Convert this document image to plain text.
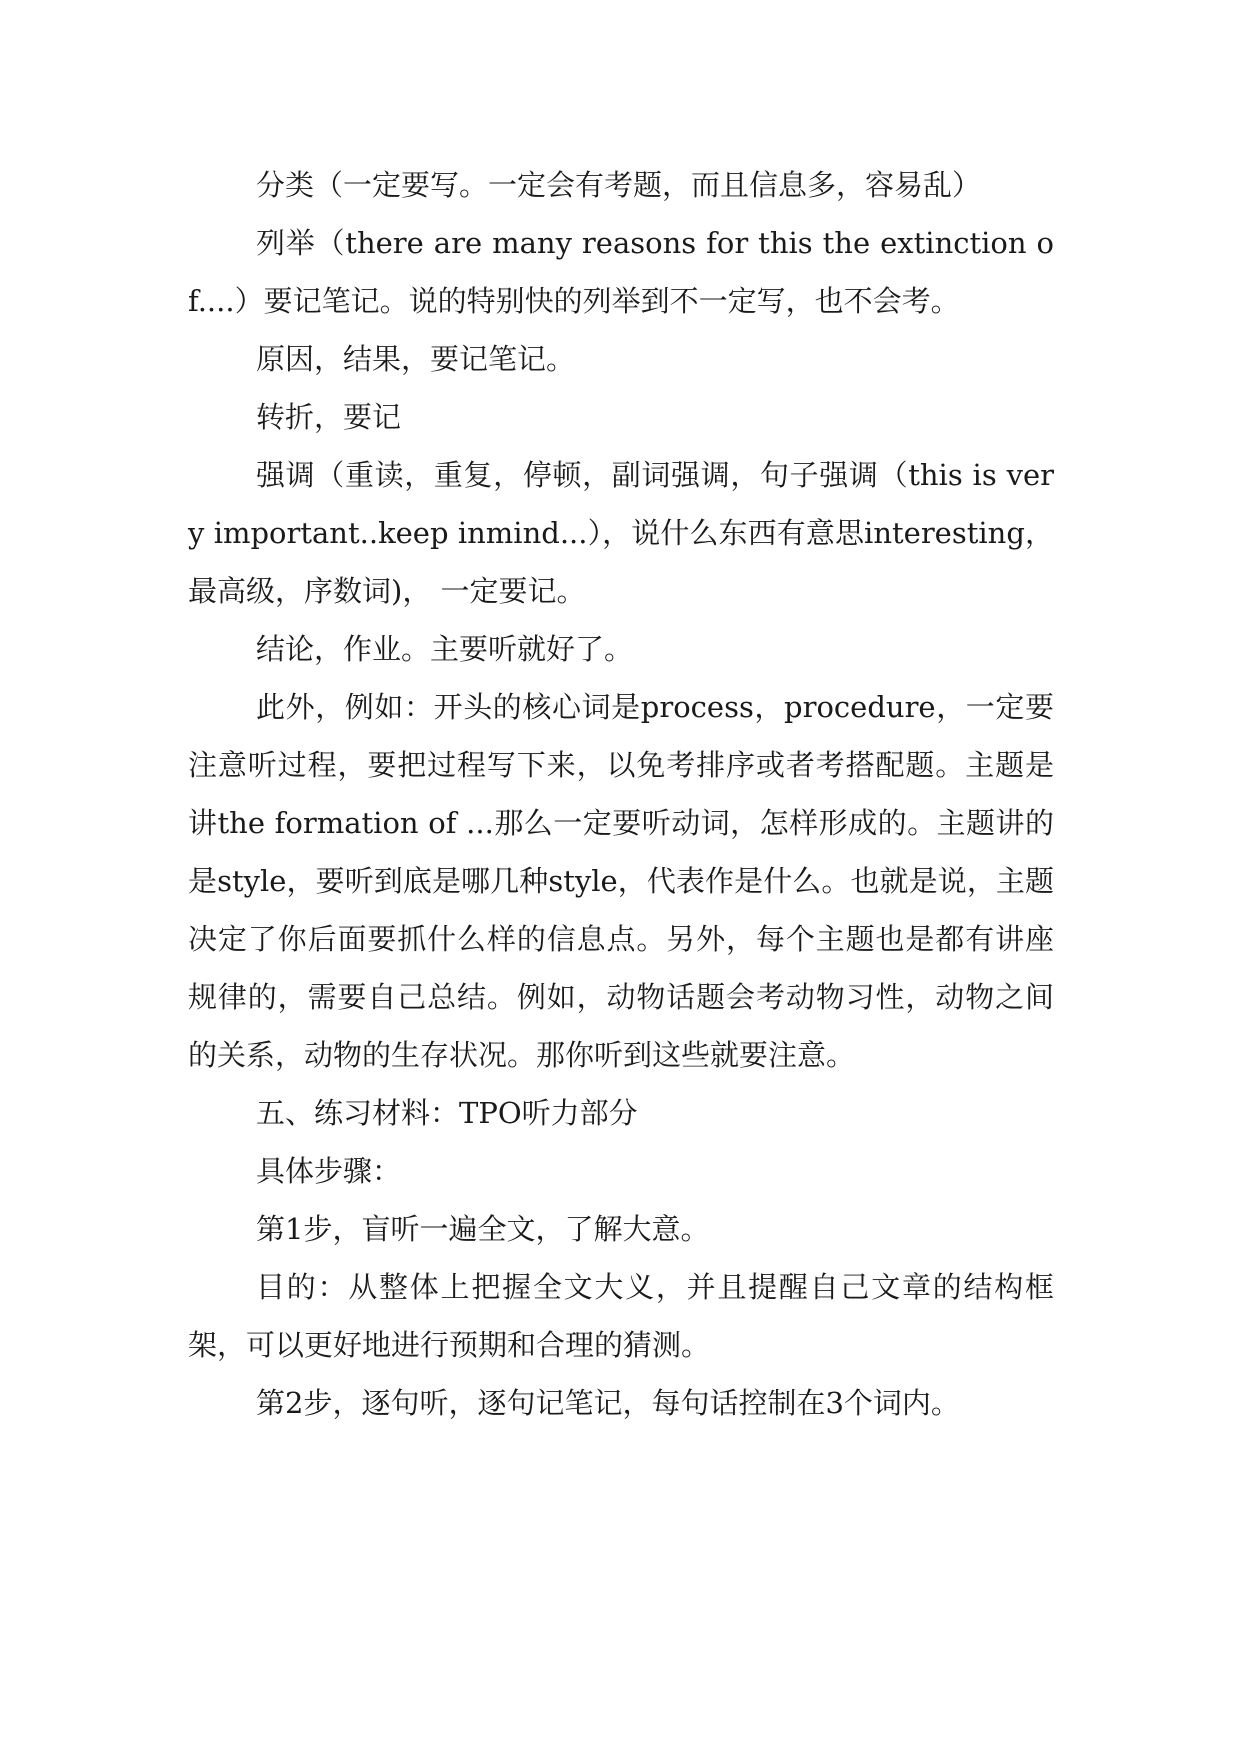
分类（一定要写。一定会有考题，而且信息多，容易乱）

列举（there are many reasons for this the extinction of....）要记笔记。说的特别快的列举到不一定写，也不会考。

原因，结果，要记笔记。

转折，要记

强调（重读，重复，停顿，副词强调，句子强调（this is very important..keep inmind...），说什么东西有意思interesting， 最高级，序数词)， 一定要记。

结论，作业。主要听就好了。

此外，例如：开头的核心词是process，procedure，一定要注意听过程，要把过程写下来，以免考排序或者考搭配题。主题是讲the formation of ...那么一定要听动词，怎样形成的。主题讲的是style，要听到底是哪几种style，代表作是什么。也就是说，主题决定了你后面要抓什么样的信息点。另外，每个主题也是都有讲座规律的，需要自己总结。例如，动物话题会考动物习性，动物之间的关系，动物的生存状况。那你听到这些就要注意。

五、练习材料：TPO听力部分

具体步骤：

第1步，盲听一遍全文，了解大意。

目的：从整体上把握全文大义，并且提醒自己文章的结构框架，可以更好地进行预期和合理的猜测。

第2步，逐句听，逐句记笔记，每句话控制在3个词内。
